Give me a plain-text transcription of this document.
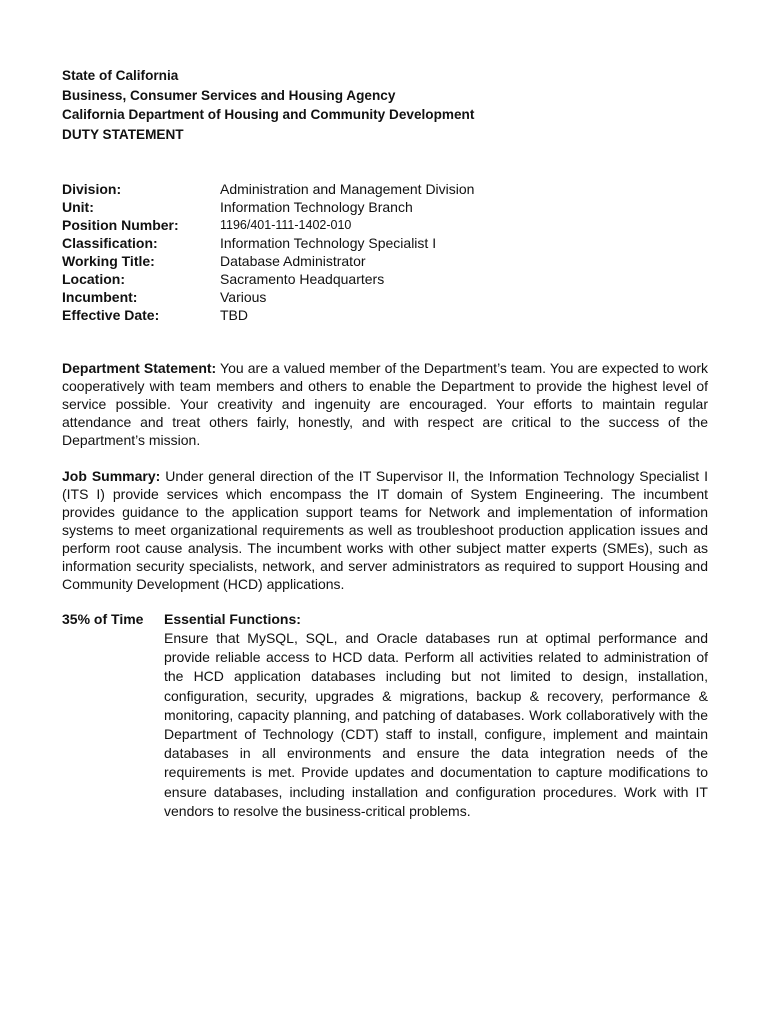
State of California
Business, Consumer Services and Housing Agency
California Department of Housing and Community Development
DUTY STATEMENT
Division:	Administration and Management Division
Unit:	Information Technology Branch
Position Number:	1196/401-111-1402-010
Classification:	Information Technology Specialist I
Working Title:	Database Administrator
Location:	Sacramento Headquarters
Incumbent:	Various
Effective Date:	TBD
Department Statement: You are a valued member of the Department’s team. You are expected to work cooperatively with team members and others to enable the Department to provide the highest level of service possible. Your creativity and ingenuity are encouraged. Your efforts to maintain regular attendance and treat others fairly, honestly, and with respect are critical to the success of the Department’s mission.
Job Summary: Under general direction of the IT Supervisor II, the Information Technology Specialist I (ITS I) provide services which encompass the IT domain of System Engineering. The incumbent provides guidance to the application support teams for Network and implementation of information systems to meet organizational requirements as well as troubleshoot production application issues and perform root cause analysis. The incumbent works with other subject matter experts (SMEs), such as information security specialists, network, and server administrators as required to support Housing and Community Development (HCD) applications.
35% of Time Essential Functions:
Ensure that MySQL, SQL, and Oracle databases run at optimal performance and provide reliable access to HCD data. Perform all activities related to administration of the HCD application databases including but not limited to design, installation, configuration, security, upgrades & migrations, backup & recovery, performance & monitoring, capacity planning, and patching of databases. Work collaboratively with the Department of Technology (CDT) staff to install, configure, implement and maintain databases in all environments and ensure the data integration needs of the requirements is met. Provide updates and documentation to capture modifications to ensure databases, including installation and configuration procedures. Work with IT vendors to resolve the business-critical problems.
